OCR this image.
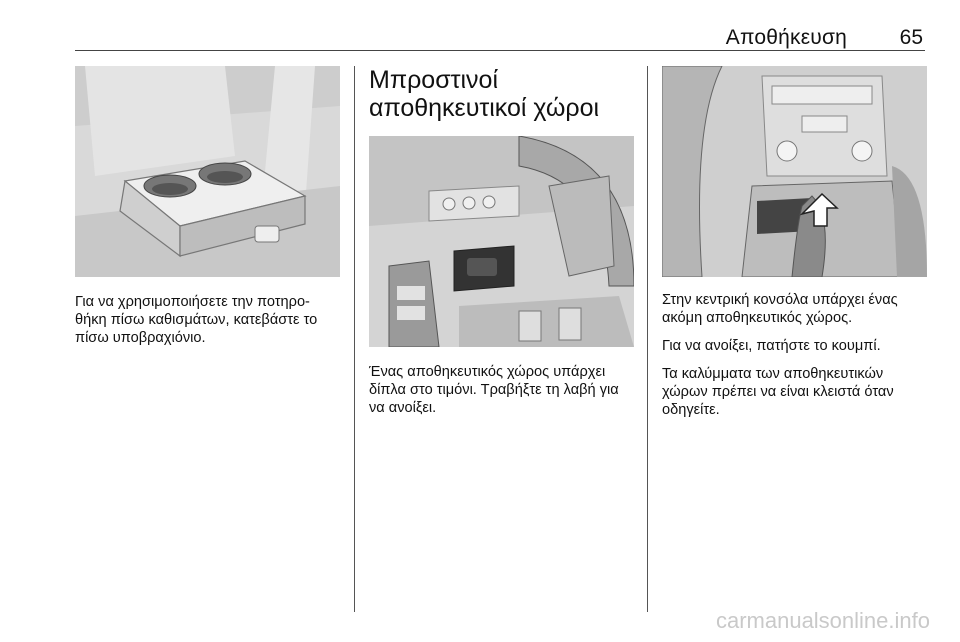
Αποθήκευση	65

Για να χρησιμοποιήσετε την ποτηρο-θήκη πίσω καθισμάτων, κατεβάστε το πίσω υποβραχιόνιο.

Μπροστινοί αποθηκευτικοί χώροι

Ένας αποθηκευτικός χώρος υπάρχει δίπλα στο τιμόνι. Τραβήξτε τη λαβή για να ανοίξει.

Στην κεντρική κονσόλα υπάρχει ένας ακόμη αποθηκευτικός χώρος.

Για να ανοίξει, πατήστε το κουμπί.

Τα καλύμματα των αποθηκευτικών χώρων πρέπει να είναι κλειστά όταν οδηγείτε.

carmanualsonline.info
